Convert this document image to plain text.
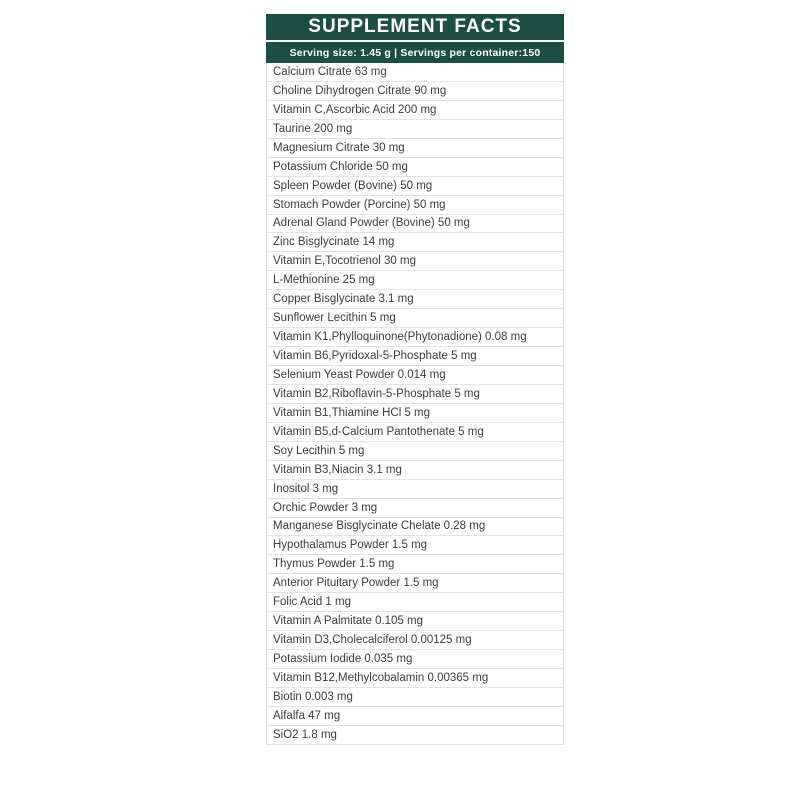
SUPPLEMENT FACTS
Serving size: 1.45 g | Servings per container:150
Calcium Citrate 63 mg
Choline Dihydrogen Citrate 90 mg
Vitamin C,Ascorbic Acid 200 mg
Taurine 200 mg
Magnesium Citrate 30 mg
Potassium Chloride 50 mg
Spleen Powder (Bovine) 50 mg
Stomach Powder (Porcine) 50 mg
Adrenal Gland Powder (Bovine) 50 mg
Zinc Bisglycinate 14 mg
Vitamin E,Tocotrienol 30 mg
L-Methionine 25 mg
Copper Bisglycinate 3.1 mg
Sunflower Lecithin 5 mg
Vitamin K1,Phylloquinone(Phytonadione) 0.08 mg
Vitamin B6,Pyridoxal-5-Phosphate 5 mg
Selenium Yeast Powder 0.014 mg
Vitamin B2,Riboflavin-5-Phosphate 5 mg
Vitamin B1,Thiamine HCl 5 mg
Vitamin B5,d-Calcium Pantothenate 5 mg
Soy Lecithin 5 mg
Vitamin B3,Niacin 3.1 mg
Inositol 3 mg
Orchic Powder 3 mg
Manganese Bisglycinate Chelate 0.28 mg
Hypothalamus Powder 1.5 mg
Thymus Powder 1.5 mg
Anterior Pituitary Powder 1.5 mg
Folic Acid 1 mg
Vitamin A Palmitate 0.105 mg
Vitamin D3,Cholecalciferol 0.00125 mg
Potassium Iodide 0.035 mg
Vitamin B12,Methylcobalamin 0.00365 mg
Biotin 0.003 mg
Alfalfa 47 mg
SiO2 1.8 mg
